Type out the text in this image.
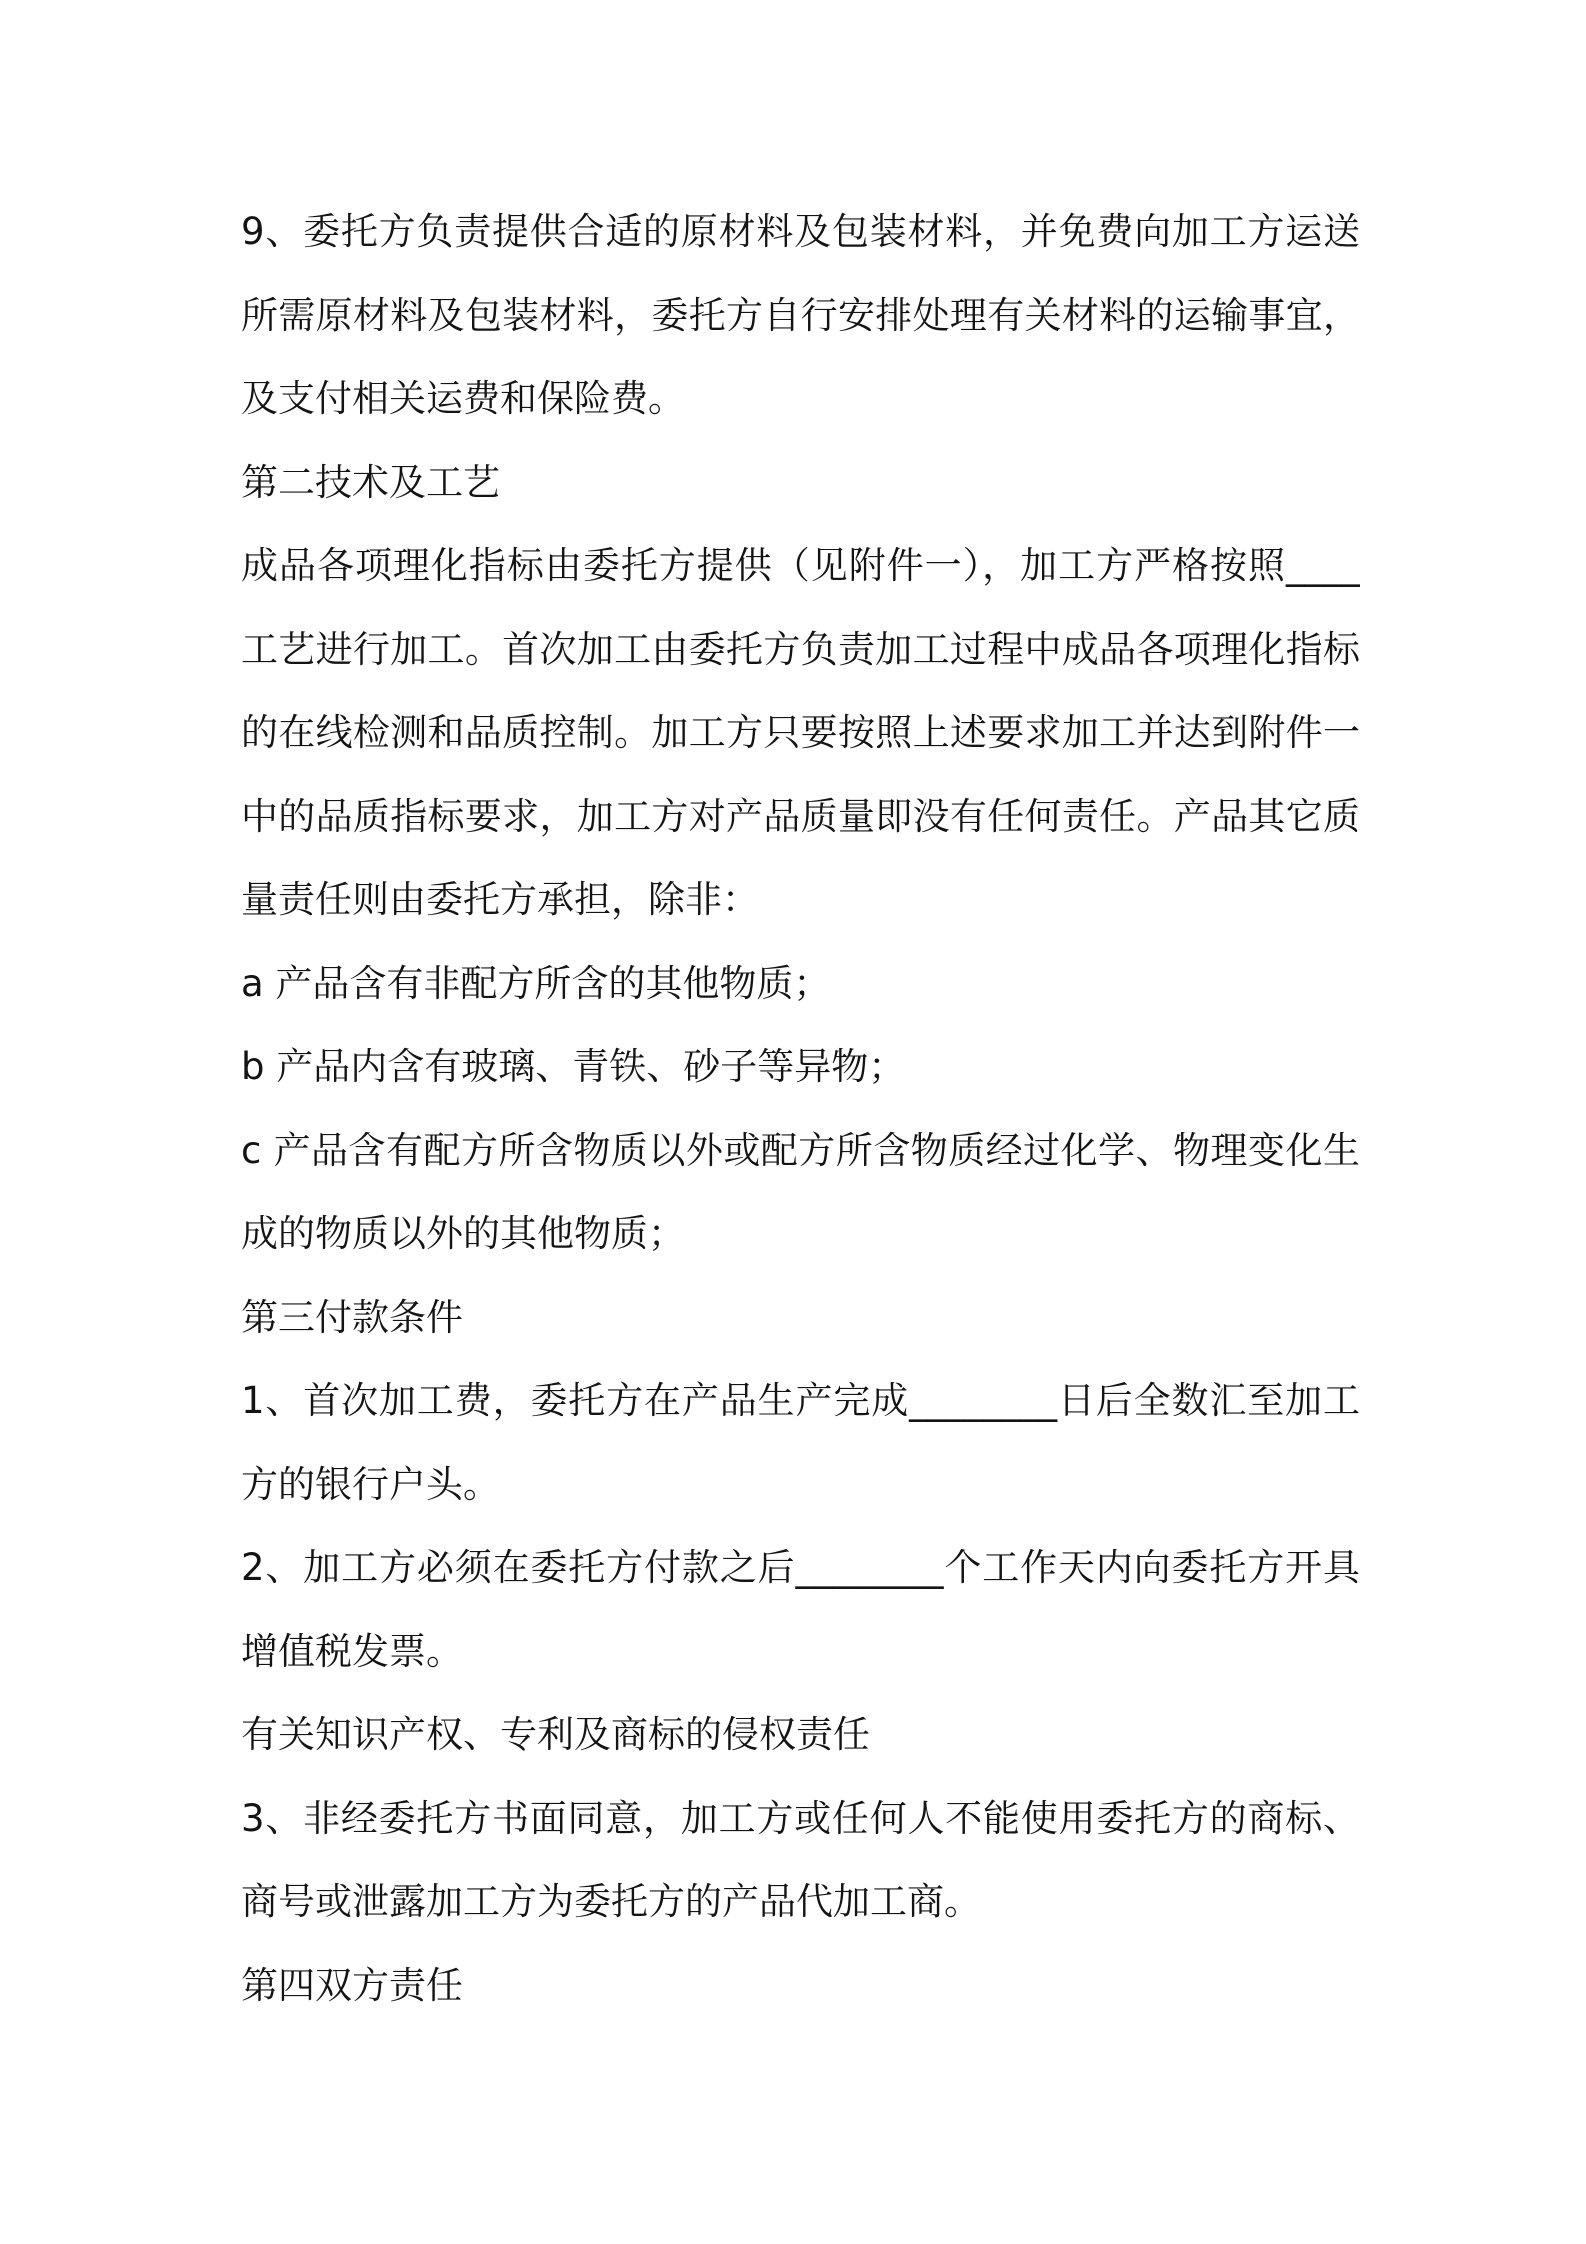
9、委托方负责提供合适的原材料及包装材料，并免费向加工方运送
所需原材料及包装材料，委托方自行安排处理有关材料的运输事宜，
及支付相关运费和保险费。
第二技术及工艺
成品各项理化指标由委托方提供（见附件一），加工方严格按照____
工艺进行加工。首次加工由委托方负责加工过程中成品各项理化指标
的在线检测和品质控制。加工方只要按照上述要求加工并达到附件一
中的品质指标要求，加工方对产品质量即没有任何责任。产品其它质
量责任则由委托方承担，除非：
a 产品含有非配方所含的其他物质；
b 产品内含有玻璃、青铁、砂子等异物；
c 产品含有配方所含物质以外或配方所含物质经过化学、物理变化生
成的物质以外的其他物质；
第三付款条件
1、首次加工费，委托方在产品生产完成________日后全数汇至加工
方的银行户头。
2、加工方必须在委托方付款之后________个工作天内向委托方开具
增值税发票。
有关知识产权、专利及商标的侵权责任
3、非经委托方书面同意，加工方或任何人不能使用委托方的商标、
商号或泄露加工方为委托方的产品代加工商。
第四双方责任
